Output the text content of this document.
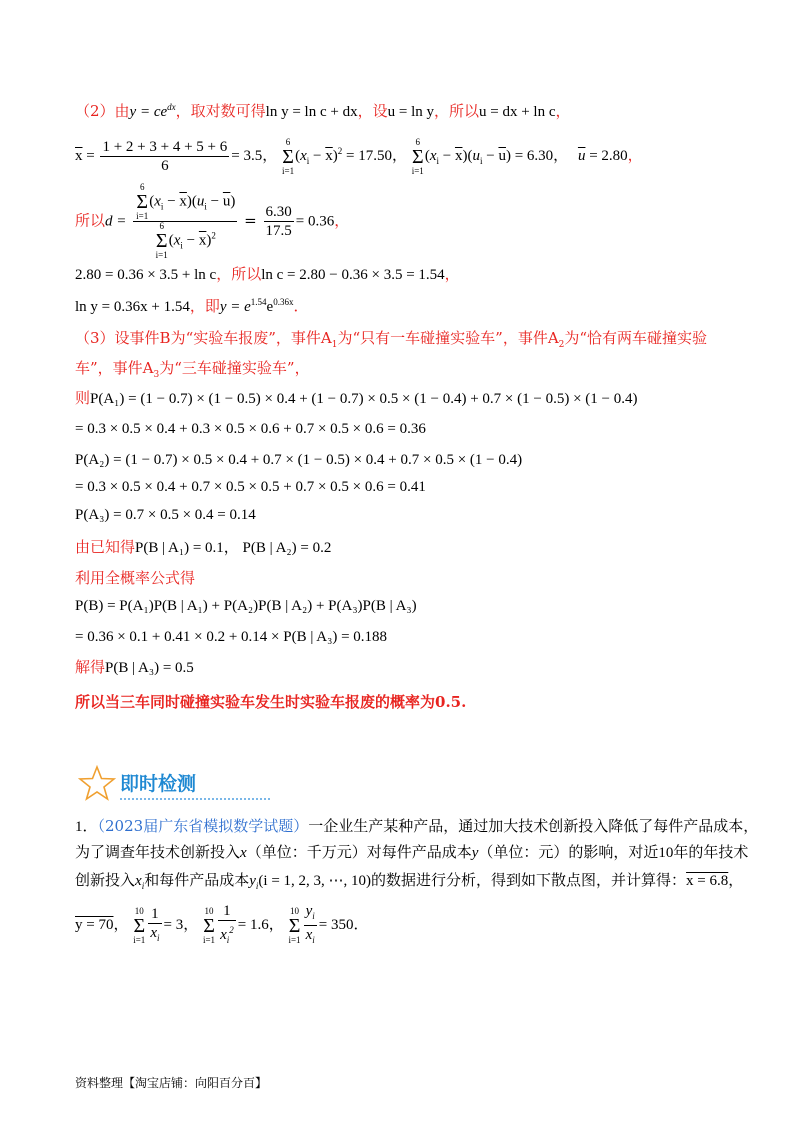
（2）由$y = ce^{dx}$，取对数可得ln y = ln c + dx，设u = ln y，所以u = dx + ln c，
$\overline{x} = \frac{1 + 2 + 3 + 4 + 5 + 6}{6} = 3.5$， 6
Σ
$i=1(x_i - \overline{x})^2 = 17.50$， 6
Σ
$i=1(x_i - \overline{x})(u_i - \overline{u}) = 6.30$， $\overline{u} = 2.80$，
所以d = 6
Σ
$i=1(x_i - \overline{x})(u_i - \overline{u})$
6
Σ
$i=1(x_i - \overline{x})^2 = \frac{6.30}{17.5} = 0.36$，
2.80 = 0.36 × 3.5 + ln c，所以ln c = 2.80 − 0.36 × 3.5 = 1.54，
ln y = 0.36x + 1.54，即$y = e^{1.54}e^{0.36x}$．
（3）设事件B为“实验车报废”，事件$A_1$为“只有一车碰撞实验车”，事件$A_2$为“恰有两车碰撞实验
车”，事件$A_3$为“三车碰撞实验车”，
则P(A₁) = (1 − 0.7) × (1 − 0.5) × 0.4 + (1 − 0.7) × 0.5 × (1 − 0.4) + 0.7 × (1 − 0.5) × (1 − 0.4)
= 0.3 × 0.5 × 0.4 + 0.3 × 0.5 × 0.6 + 0.7 × 0.5 × 0.6 = 0.36
P(A₂) = (1 − 0.7) × 0.5 × 0.4 + 0.7 × (1 − 0.5) × 0.4 + 0.7 × 0.5 × (1 − 0.4)
= 0.3 × 0.5 × 0.4 + 0.7 × 0.5 × 0.5 + 0.7 × 0.5 × 0.6 = 0.41
P(A₃) = 0.7 × 0.5 × 0.4 = 0.14
由已知得P(B | A₁) = 0.1， P(B | A₂) = 0.2
利用全概率公式得
P(B) = P(A₁)P(B | A₁) + P(A₂)P(B | A₂) + P(A₃)P(B | A₃)
= 0.36 × 0.1 + 0.41 × 0.2 + 0.14 × P(B | A₃) = 0.188
解得P(B | A₃) = 0.5
所以当三车同时碰撞实验车发生时实验车报废的概率为0.5.
即时检测
1．（2023届广东省模拟数学试题）一企业生产某种产品，通过加大技术创新投入降低了每件产品成本，
为了调查年技术创新投入x（单位：千万元）对每件产品成本y（单位：元）的影响，对近10年的年技术
创新投入$x_i$和每件产品成本$y_i(i = 1$, 2, 3, ⋯, 10)的数据进行分析，得到如下散点图，并计算得：x = 6.8，
y = 70， 10
Σ
$i=1 \frac{1}{x_i} = 3$， 10
Σ
$i=1 \frac{1}{x_i^2} = 1.6$， 10
Σ
$i=1 \frac{y_i}{x_i} = 350$．
资料整理【淘宝店铺：向阳百分百】
